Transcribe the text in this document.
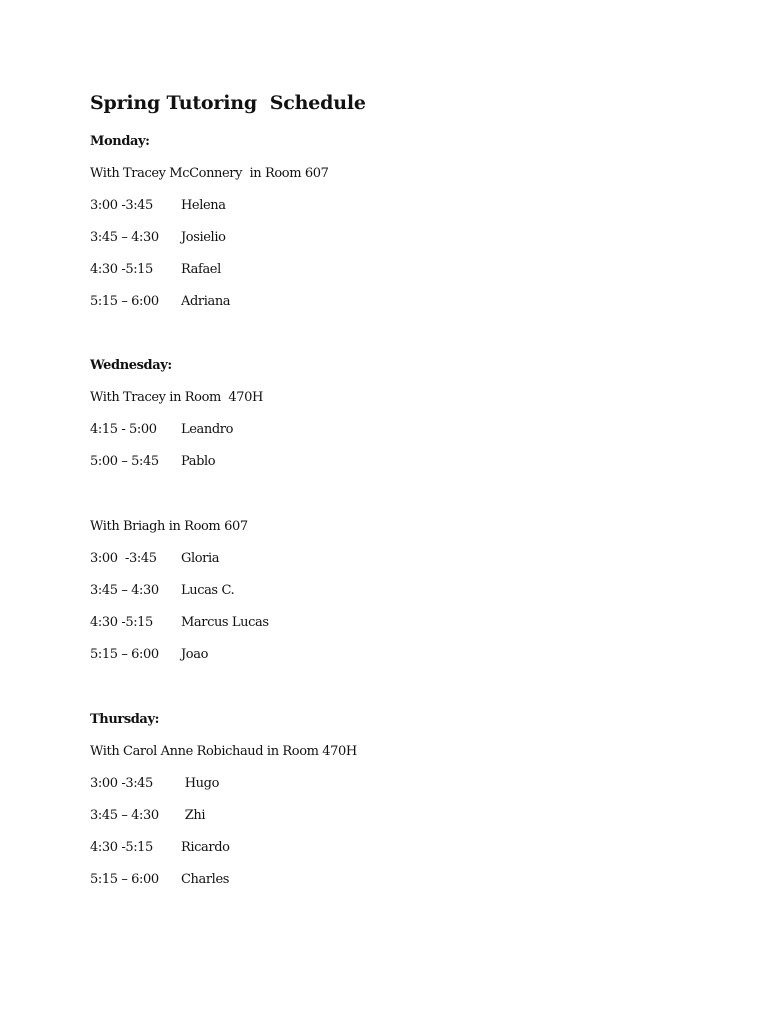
Spring Tutoring  Schedule
Monday:
With Tracey McConnery  in Room 607
3:00 -3:45 Helena
3:45 – 4:30 Josielio
4:30 -5:15 Rafael
5:15 – 6:00 Adriana
Wednesday:
With Tracey in Room  470H
4:15 - 5:00 Leandro
5:00 – 5:45 Pablo
With Briagh in Room 607
3:00  -3:45 Gloria
3:45 – 4:30 Lucas C.
4:30 -5:15 Marcus Lucas
5:15 – 6:00 Joao
Thursday:
With Carol Anne Robichaud in Room 470H
3:00 -3:45 Hugo
3:45 – 4:30 Zhi
4:30 -5:15 Ricardo
5:15 – 6:00 Charles
